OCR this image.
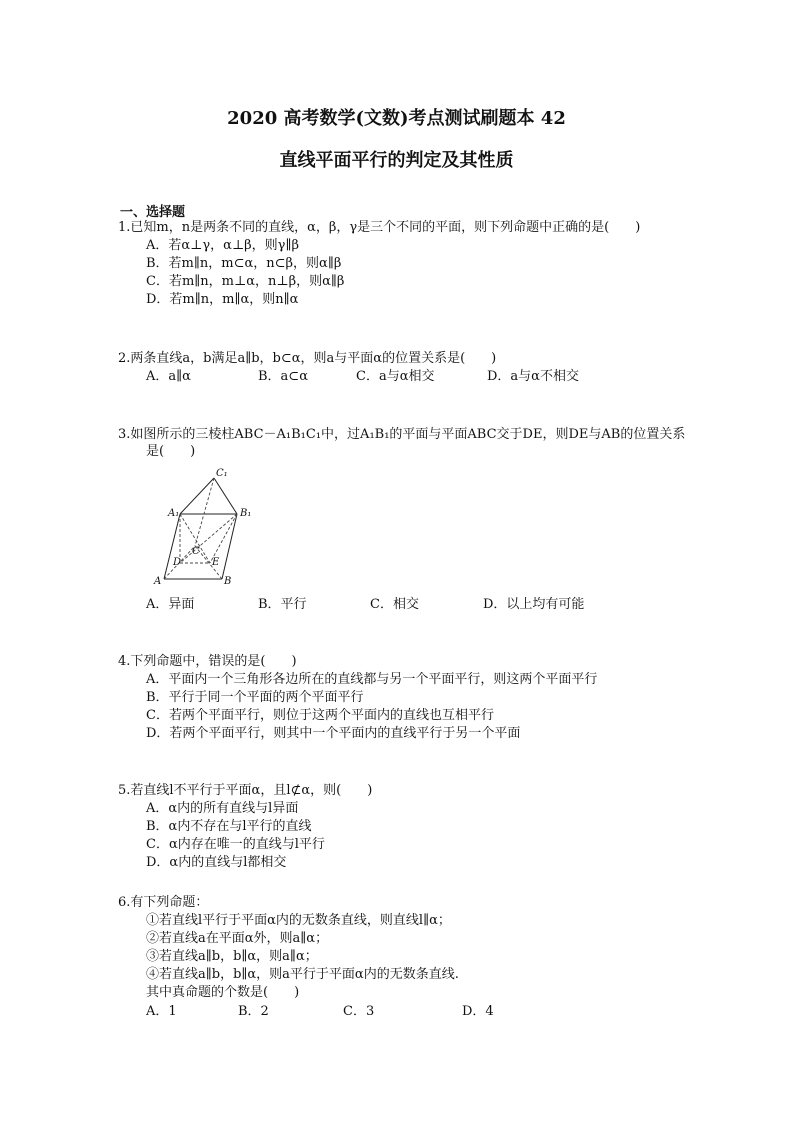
2020 高考数学(文数)考点测试刷题本 42
直线平面平行的判定及其性质
一、选择题
1.已知m，n是两条不同的直线，α，β，γ是三个不同的平面，则下列命题中正确的是(　　)
A．若α⊥γ，α⊥β，则γ∥β
B．若m∥n，m⊂α，n⊂β，则α∥β
C．若m∥n，m⊥α，n⊥β，则α∥β
D．若m∥n，m∥α，则n∥α
2.两条直线a，b满足a∥b，b⊂α，则a与平面α的位置关系是(　　)
A．a∥α	B．a⊂α	C．a与α相交	D．a与α不相交
3.如图所示的三棱柱ABC－A₁B₁C₁中，过A₁B₁的平面与平面ABC交于DE，则DE与AB的位置关系
是(　　)
C₁
A₁	B₁
C
D	E
A	B
A．异面	B．平行	C．相交	D．以上均有可能
4.下列命题中，错误的是(　　)
A．平面内一个三角形各边所在的直线都与另一个平面平行，则这两个平面平行
B．平行于同一个平面的两个平面平行
C．若两个平面平行，则位于这两个平面内的直线也互相平行
D．若两个平面平行，则其中一个平面内的直线平行于另一个平面
5.若直线l不平行于平面α，且l⊄α，则(　　)
A．α内的所有直线与l异面
B．α内不存在与l平行的直线
C．α内存在唯一的直线与l平行
D．α内的直线与l都相交
6.有下列命题：
①若直线l平行于平面α内的无数条直线，则直线l∥α；
②若直线a在平面α外，则a∥α；
③若直线a∥b，b∥α，则a∥α；
④若直线a∥b，b∥α，则a平行于平面α内的无数条直线.
其中真命题的个数是(　　)
A．1	B．2	C．3	D．4
